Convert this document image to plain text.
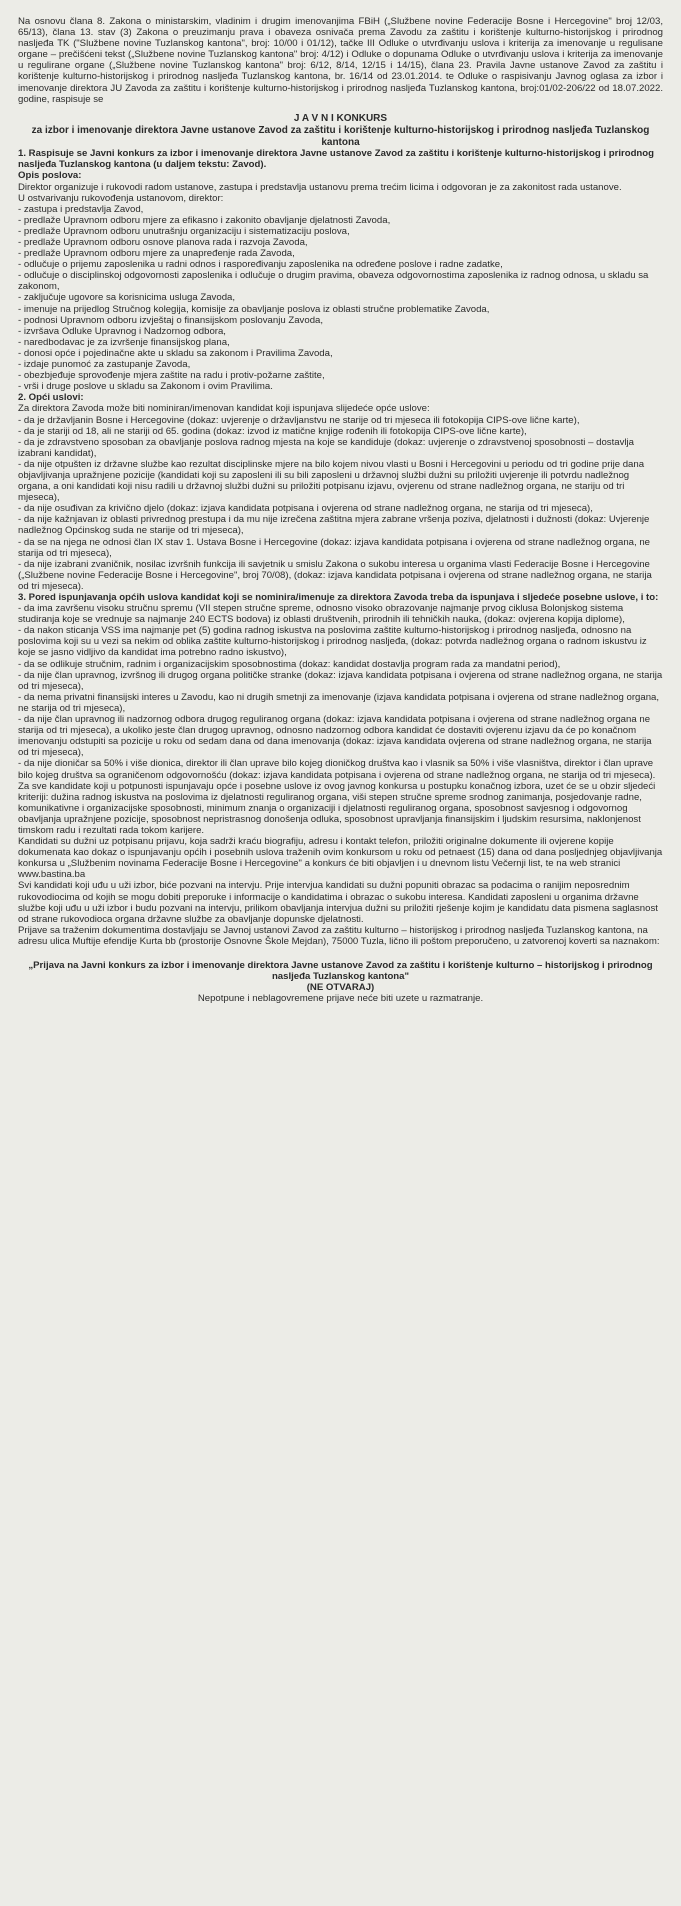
Na osnovu člana 8. Zakona o ministarskim, vladinim i drugim imenovanjima FBiH („Službene novine Federacije Bosne i Hercegovine" broj 12/03, 65/13), člana 13. stav (3) Zakona o preuzimanju prava i obaveza osnivača prema Zavodu za zaštitu i korištenje kulturno-historijskog i prirodnog nasljeđa TK ("Službene novine Tuzlanskog kantona", broj: 10/00 i 01/12), tačke III Odluke o utvrđivanju uslova i kriterija za imenovanje u regulisane organe – prečišćeni tekst („Službene novine Tuzlanskog kantona" broj: 4/12) i Odluke o dopunama Odluke o utvrđivanju uslova i kriterija za imenovanje u regulirane organe („Službene novine Tuzlanskog kantona" broj: 6/12, 8/14, 12/15 i 14/15), člana 23. Pravila Javne ustanove Zavod za zaštitu i korištenje kulturno-historijskog i prirodnog nasljeđa Tuzlanskog kantona, br. 16/14 od 23.01.2014. te Odluke o raspisivanju Javnog oglasa za izbor i imenovanje direktora JU Zavoda za zaštitu i korištenje kulturno-historijskog i prirodnog nasljeđa Tuzlanskog kantona, broj:01/02-206/22 od 18.07.2022. godine, raspisuje se

J A V N I KONKURS
za izbor i imenovanje direktora Javne ustanove Zavod za zaštitu i korištenje kulturno-historijskog i prirodnog nasljeđa Tuzlanskog kantona

1. Raspisuje se Javni konkurs za izbor i imenovanje direktora Javne ustanove Zavod za zaštitu i korištenje kulturno-historijskog i prirodnog nasljeđa Tuzlanskog kantona (u daljem tekstu: Zavod).

Opis poslova:

Direktor organizuje i rukovodi radom ustanove, zastupa i predstavlja ustanovu prema trećim licima i odgovoran je za zakonitost rada ustanove.
U ostvarivanju rukovođenja ustanovom, direktor:
- zastupa i predstavlja Zavod,
- predlaže Upravnom odboru mjere za efikasno i zakonito obavljanje djelatnosti Zavoda,
- predlaže Upravnom odboru unutrašnju organizaciju i sistematizaciju poslova,
- predlaže Upravnom odboru osnove planova rada i razvoja Zavoda,
- predlaže Upravnom odboru mjere za unapređenje rada Zavoda,
- odlučuje o prijemu zaposlenika u radni odnos i raspoređivanju zaposlenika na određene poslove i radne zadatke,
- odlučuje o disciplinskoj odgovornosti zaposlenika i odlučuje o drugim pravima, obaveza odgovornostima zaposlenika iz radnog odnosa, u skladu sa zakonom,
- zaključuje ugovore sa korisnicima usluga Zavoda,
- imenuje na prijedlog Stručnog kolegija, komisije za obavljanje poslova iz oblasti stručne problematike Zavoda,
- podnosi Upravnom odboru izvještaj o finansijskom poslovanju Zavoda,
- izvršava Odluke Upravnog i Nadzornog odbora,
- naredbodavac je za izvršenje finansijskog plana,
- donosi opće i pojedinačne akte u skladu sa zakonom i Pravilima Zavoda,
- izdaje punomoć za zastupanje Zavoda,
- obezbjeđuje sprovođenje mjera zaštite na radu i protiv-požarne zaštite,
- vrši i druge poslove u skladu sa Zakonom i ovim Pravilima.

2. Opći uslovi:

Za direktora Zavoda može biti nominiran/imenovan kandidat koji ispunjava slijedeće opće uslove:

- da je državljanin Bosne i Hercegovine (dokaz: uvjerenje o državljanstvu ne starije od tri mjeseca ili fotokopija CIPS-ove lične karte),
- da je stariji od 18, ali ne stariji od 65. godina (dokaz: izvod iz matične knjige rođenih ili fotokopija CIPS-ove lične karte),
- da je zdravstveno sposoban za obavljanje poslova radnog mjesta na koje se kandiduje (dokaz: uvjerenje o zdravstvenoj sposobnosti – dostavlja izabrani kandidat),
- da nije otpušten iz državne službe kao rezultat disciplinske mjere na bilo kojem nivou vlasti u Bosni i Hercegovini u periodu od tri godine prije dana objavljivanja upražnjene pozicije (kandidati koji su zaposleni ili su bili zaposleni u državnoj službi dužni su priložiti uvjerenje ili potvrdu nadležnog organa, a oni kandidati koji nisu radili u državnoj službi dužni su priložiti potpisanu izjavu, ovjerenu od strane nadležnog organa, ne stariju od tri mjeseca),
- da nije osuđivan za krivično djelo (dokaz: izjava kandidata potpisana i ovjerena od strane nadležnog organa, ne starija od tri mjeseca),
- da nije kažnjavan iz oblasti privrednog prestupa i da mu nije izrečena zaštitna mjera zabrane vršenja poziva, djelatnosti i dužnosti (dokaz: Uvjerenje nadležnog Općinskog suda ne starije od tri mjeseca),
- da se na njega ne odnosi član IX stav 1. Ustava Bosne i Hercegovine (dokaz: izjava kandidata potpisana i ovjerena od strane nadležnog organa, ne starija od tri mjeseca),
- da nije izabrani zvaničnik, nosilac izvršnih funkcija ili savjetnik u smislu Zakona o sukobu interesa u organima vlasti Federacije Bosne i Hercegovine („Službene novine Federacije Bosne i Hercegovine", broj 70/08), (dokaz: izjava kandidata potpisana i ovjerena od strane nadležnog organa, ne starija od tri mjeseca).

3. Pored ispunjavanja općih uslova kandidat koji se nominira/imenuje za direktora Zavoda treba da ispunjava i sljedeće posebne uslove, i to:

- da ima završenu visoku stručnu spremu (VII stepen stručne spreme, odnosno visoko obrazovanje najmanje prvog ciklusa Bolonjskog sistema studiranja koje se vrednuje sa najmanje 240 ECTS bodova) iz oblasti društvenih, prirodnih ili tehničkih nauka, (dokaz: ovjerena kopija diplome),
- da nakon sticanja VSS ima najmanje pet (5) godina radnog iskustva na poslovima zaštite kulturno-historijskog i prirodnog nasljeđa, odnosno na poslovima koji su u vezi sa nekim od oblika zaštite kulturno-historijskog i prirodnog nasljeđa, (dokaz: potvrda nadležnog organa o radnom iskustvu iz koje se jasno vidljivo da kandidat ima potrebno radno iskustvo),
- da se odlikuje stručnim, radnim i organizacijskim sposobnostima (dokaz: kandidat dostavlja program rada za mandatni period),
- da nije član upravnog, izvršnog ili drugog organa političke stranke (dokaz: izjava kandidata potpisana i ovjerena od strane nadležnog organa, ne starija od tri mjeseca),
- da nema privatni finansijski interes u Zavodu, kao ni drugih smetnji za imenovanje (izjava kandidata potpisana i ovjerena od strane nadležnog organa, ne starija od tri mjeseca),
- da nije član upravnog ili nadzornog odbora drugog reguliranog organa (dokaz: izjava kandidata potpisana i ovjerena od strane nadležnog organa ne starija od tri mjeseca), a ukoliko jeste član drugog upravnog, odnosno nadzornog odbora kandidat će dostaviti ovjerenu izjavu da će po konačnom imenovanju odstupiti sa pozicije u roku od sedam dana od dana imenovanja (dokaz: izjava kandidata ovjerena od strane nadležnog organa, ne starija od tri mjeseca),
- da nije dioničar sa 50% i više dionica, direktor ili član uprave bilo kojeg dioničkog društva kao i vlasnik sa 50% i više vlasništva, direktor i član uprave bilo kojeg društva sa ograničenom odgovornošću (dokaz: izjava kandidata potpisana i ovjerena od strane nadležnog organa, ne starija od tri mjeseca).

Za sve kandidate koji u potpunosti ispunjavaju opće i posebne uslove iz ovog javnog konkursa u postupku konačnog izbora, uzet će se u obzir sljedeći kriteriji: dužina radnog iskustva na poslovima iz djelatnosti reguliranog organa, viši stepen stručne spreme srodnog zanimanja, posjedovanje radne, komunikativne i organizacijske sposobnosti, minimum znanja o organizaciji i djelatnosti reguliranog organa, sposobnost savjesnog i odgovornog obavljanja upražnjene pozicije, sposobnost nepristrasnog donošenja odluka, sposobnost upravljanja finansijskim i ljudskim resursima, naklonjenost timskom radu i rezultati rada tokom karijere.

Kandidati su dužni uz potpisanu prijavu, koja sadrži kraću biografiju, adresu i kontakt telefon, priložiti originalne dokumente ili ovjerene kopije dokumenata kao dokaz o ispunjavanju općih i posebnih uslova traženih ovim konkursom u roku od petnaest (15) dana od dana posljednjeg objavljivanja konkursa u „Službenim novinama Federacije Bosne i Hercegovine" a konkurs će biti objavljen i u dnevnom listu Večernji list, te na web stranici www.bastina.ba

Svi kandidati koji uđu u uži izbor, biće pozvani na intervju. Prije intervjua kandidati su dužni popuniti obrazac sa podacima o ranijim neposrednim rukovodiocima od kojih se mogu dobiti preporuke i informacije o kandidatima i obrazac o sukobu interesa. Kandidati zaposleni u organima državne službe koji uđu u uži izbor i budu pozvani na intervju, prilikom obavljanja intervjua dužni su priložiti rješenje kojim je kandidatu data pismena saglasnost od strane rukovodioca organa državne službe za obavljanje dopunske djelatnosti.

Prijave sa traženim dokumentima dostavljaju se Javnoj ustanovi Zavod za zaštitu kulturno – historijskog i prirodnog nasljeđa Tuzlanskog kantona, na adresu ulica Muftije efendije Kurta bb (prostorije Osnovne Škole Mejdan), 75000 Tuzla, lično ili poštom preporučeno, u zatvorenoj koverti sa naznakom:

„Prijava na Javni konkurs za izbor i imenovanje direktora Javne ustanove Zavod za zaštitu i korištenje kulturno – historijskog i prirodnog nasljeđa Tuzlanskog kantona"
(NE OTVARAJ)

Nepotpune i neblagovremene prijave neće biti uzete u razmatranje.
